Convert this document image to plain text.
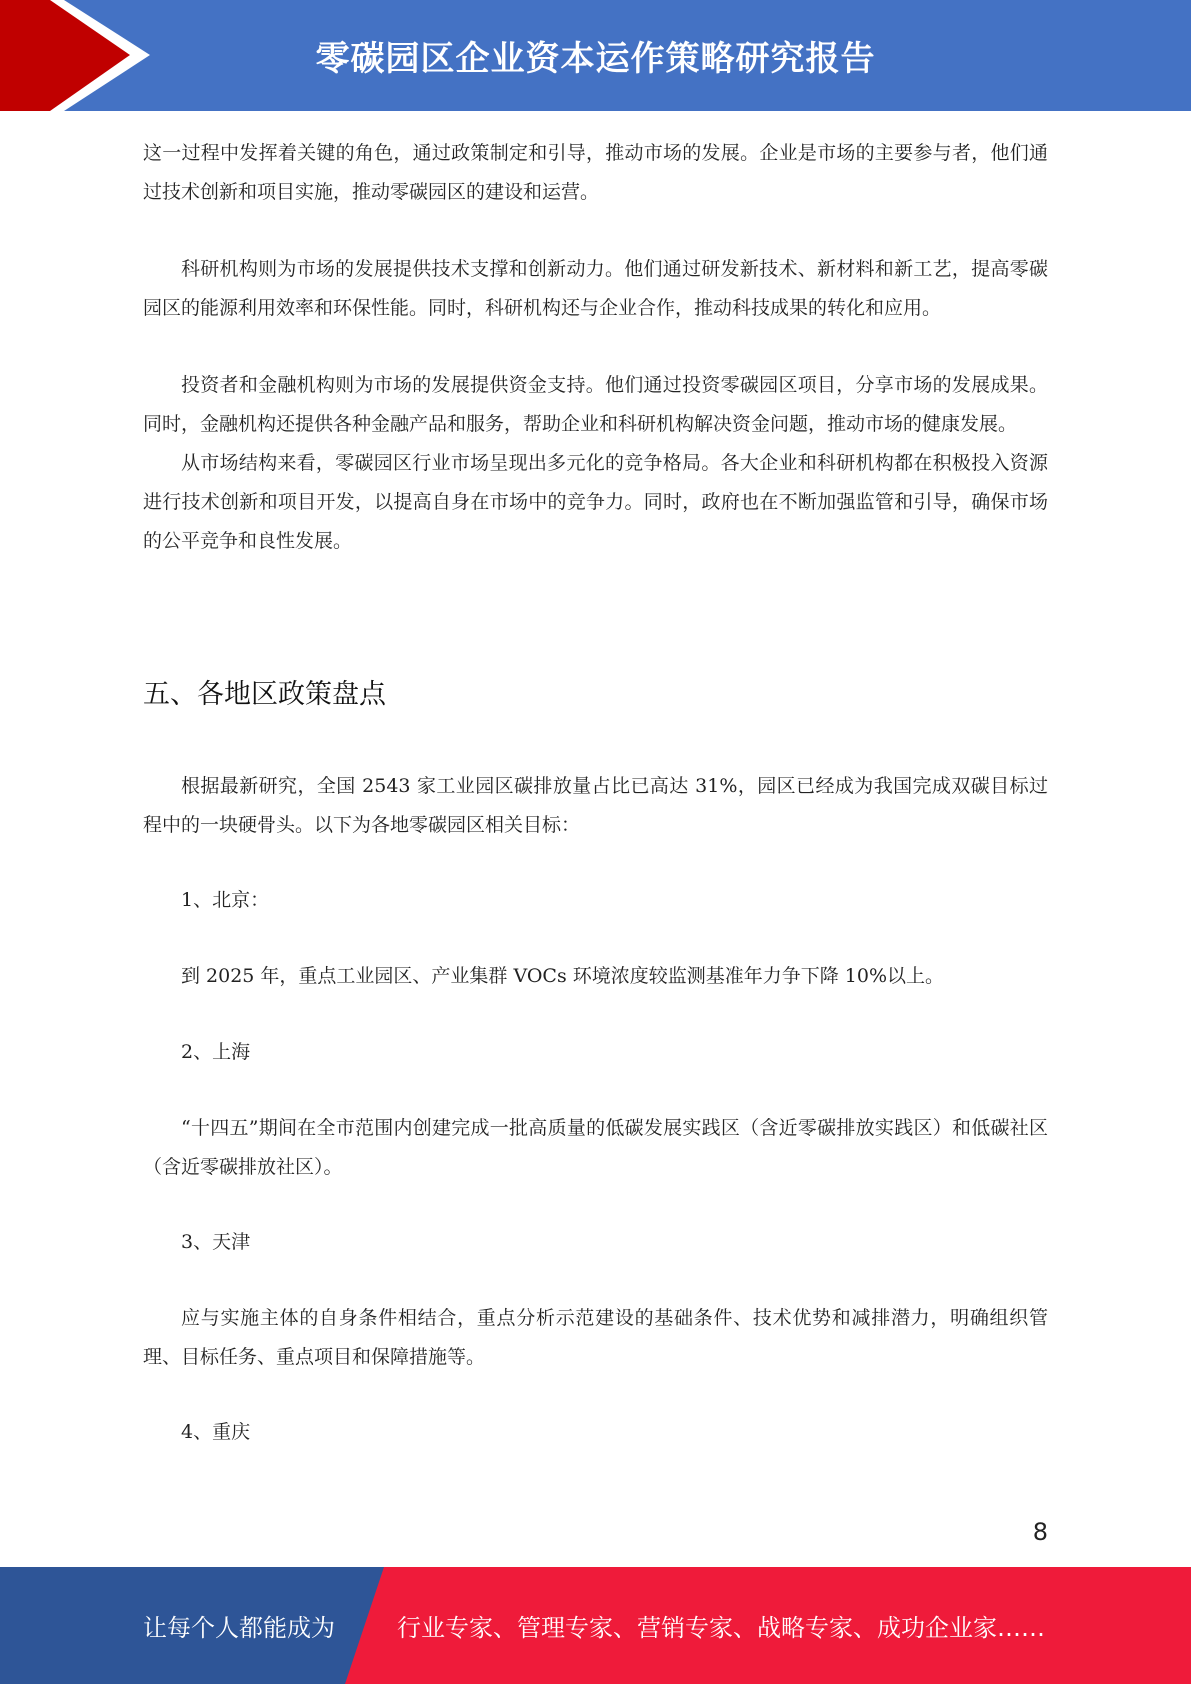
零碳园区企业资本运作策略研究报告

这一过程中发挥着关键的角色，通过政策制定和引导，推动市场的发展。企业是市场的主要参与者，他们通过技术创新和项目实施，推动零碳园区的建设和运营。

科研机构则为市场的发展提供技术支撑和创新动力。他们通过研发新技术、新材料和新工艺，提高零碳园区的能源利用效率和环保性能。同时，科研机构还与企业合作，推动科技成果的转化和应用。

投资者和金融机构则为市场的发展提供资金支持。他们通过投资零碳园区项目，分享市场的发展成果。同时，金融机构还提供各种金融产品和服务，帮助企业和科研机构解决资金问题，推动市场的健康发展。

从市场结构来看，零碳园区行业市场呈现出多元化的竞争格局。各大企业和科研机构都在积极投入资源进行技术创新和项目开发，以提高自身在市场中的竞争力。同时，政府也在不断加强监管和引导，确保市场的公平竞争和良性发展。

五、各地区政策盘点

根据最新研究，全国 2543 家工业园区碳排放量占比已高达 31%，园区已经成为我国完成双碳目标过程中的一块硬骨头。以下为各地零碳园区相关目标：

1、北京：

到 2025 年，重点工业园区、产业集群 VOCs 环境浓度较监测基准年力争下降 10%以上。

2、上海

“十四五”期间在全市范围内创建完成一批高质量的低碳发展实践区（含近零碳排放实践区）和低碳社区（含近零碳排放社区）。

3、天津

应与实施主体的自身条件相结合，重点分析示范建设的基础条件、技术优势和减排潜力，明确组织管理、目标任务、重点项目和保障措施等。

4、重庆

8
让每个人都能成为	行业专家、管理专家、营销专家、战略专家、成功企业家……
